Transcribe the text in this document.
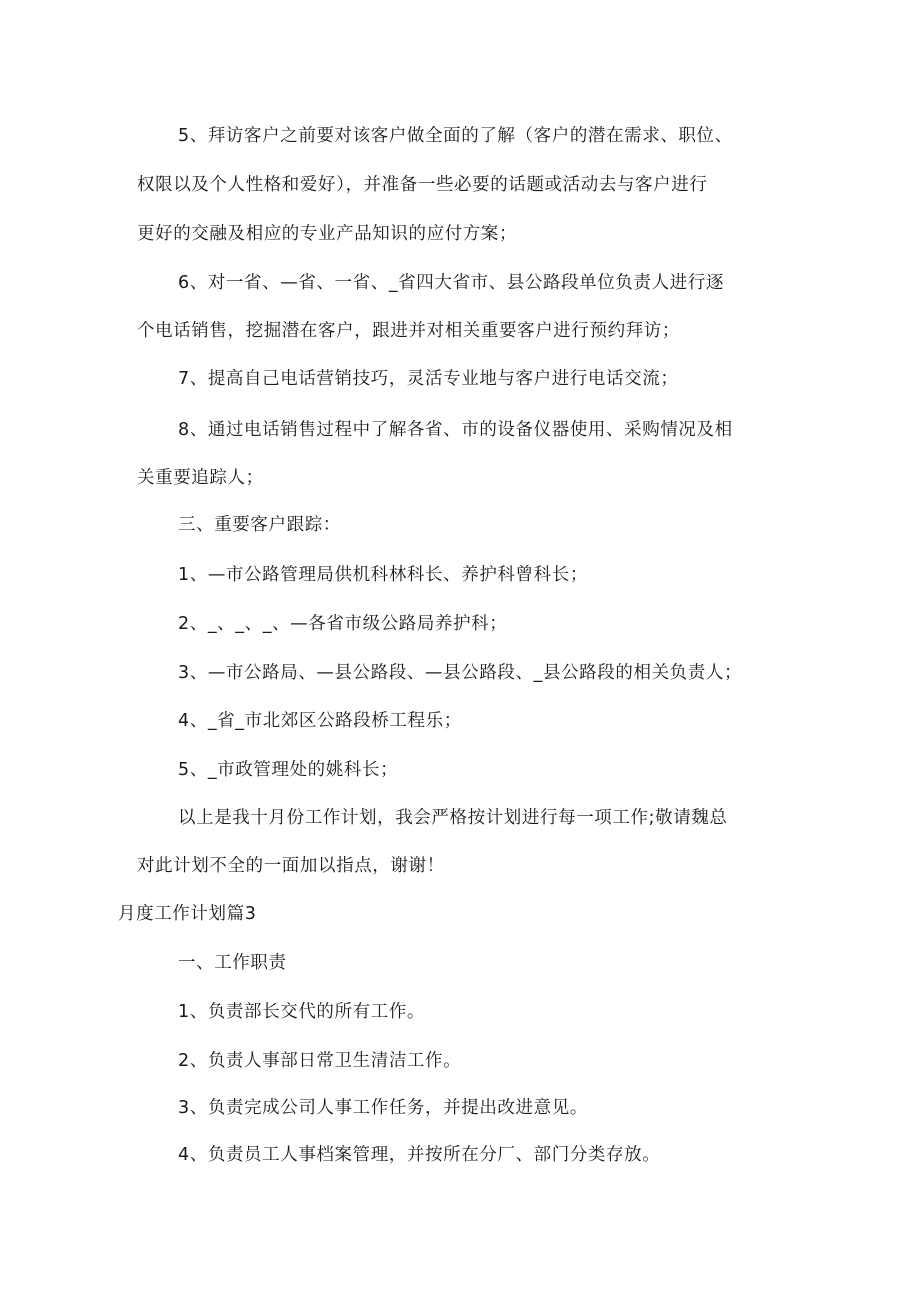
5、拜访客户之前要对该客户做全面的了解（客户的潜在需求、职位、
权限以及个人性格和爱好），并准备一些必要的话题或活动去与客户进行
更好的交融及相应的专业产品知识的应付方案；
6、对一省、—省、一省、_省四大省市、县公路段单位负责人进行逐
个电话销售，挖掘潜在客户，跟进并对相关重要客户进行预约拜访；
7、提高自己电话营销技巧，灵活专业地与客户进行电话交流；
8、通过电话销售过程中了解各省、市的设备仪器使用、采购情况及相
关重要追踪人；
三、重要客户跟踪：
1、—市公路管理局供机科林科长、养护科曾科长；
2、_、_、_、—各省市级公路局养护科；
3、—市公路局、—县公路段、—县公路段、_县公路段的相关负责人；
4、_省_市北郊区公路段桥工程乐；
5、_市政管理处的姚科长；
以上是我十月份工作计划，我会严格按计划进行每一项工作;敬请魏总
对此计划不全的一面加以指点，谢谢！
月度工作计划篇3
一、工作职责
1、负责部长交代的所有工作。
2、负责人事部日常卫生清洁工作。
3、负责完成公司人事工作任务，并提出改进意见。
4、负责员工人事档案管理，并按所在分厂、部门分类存放。
